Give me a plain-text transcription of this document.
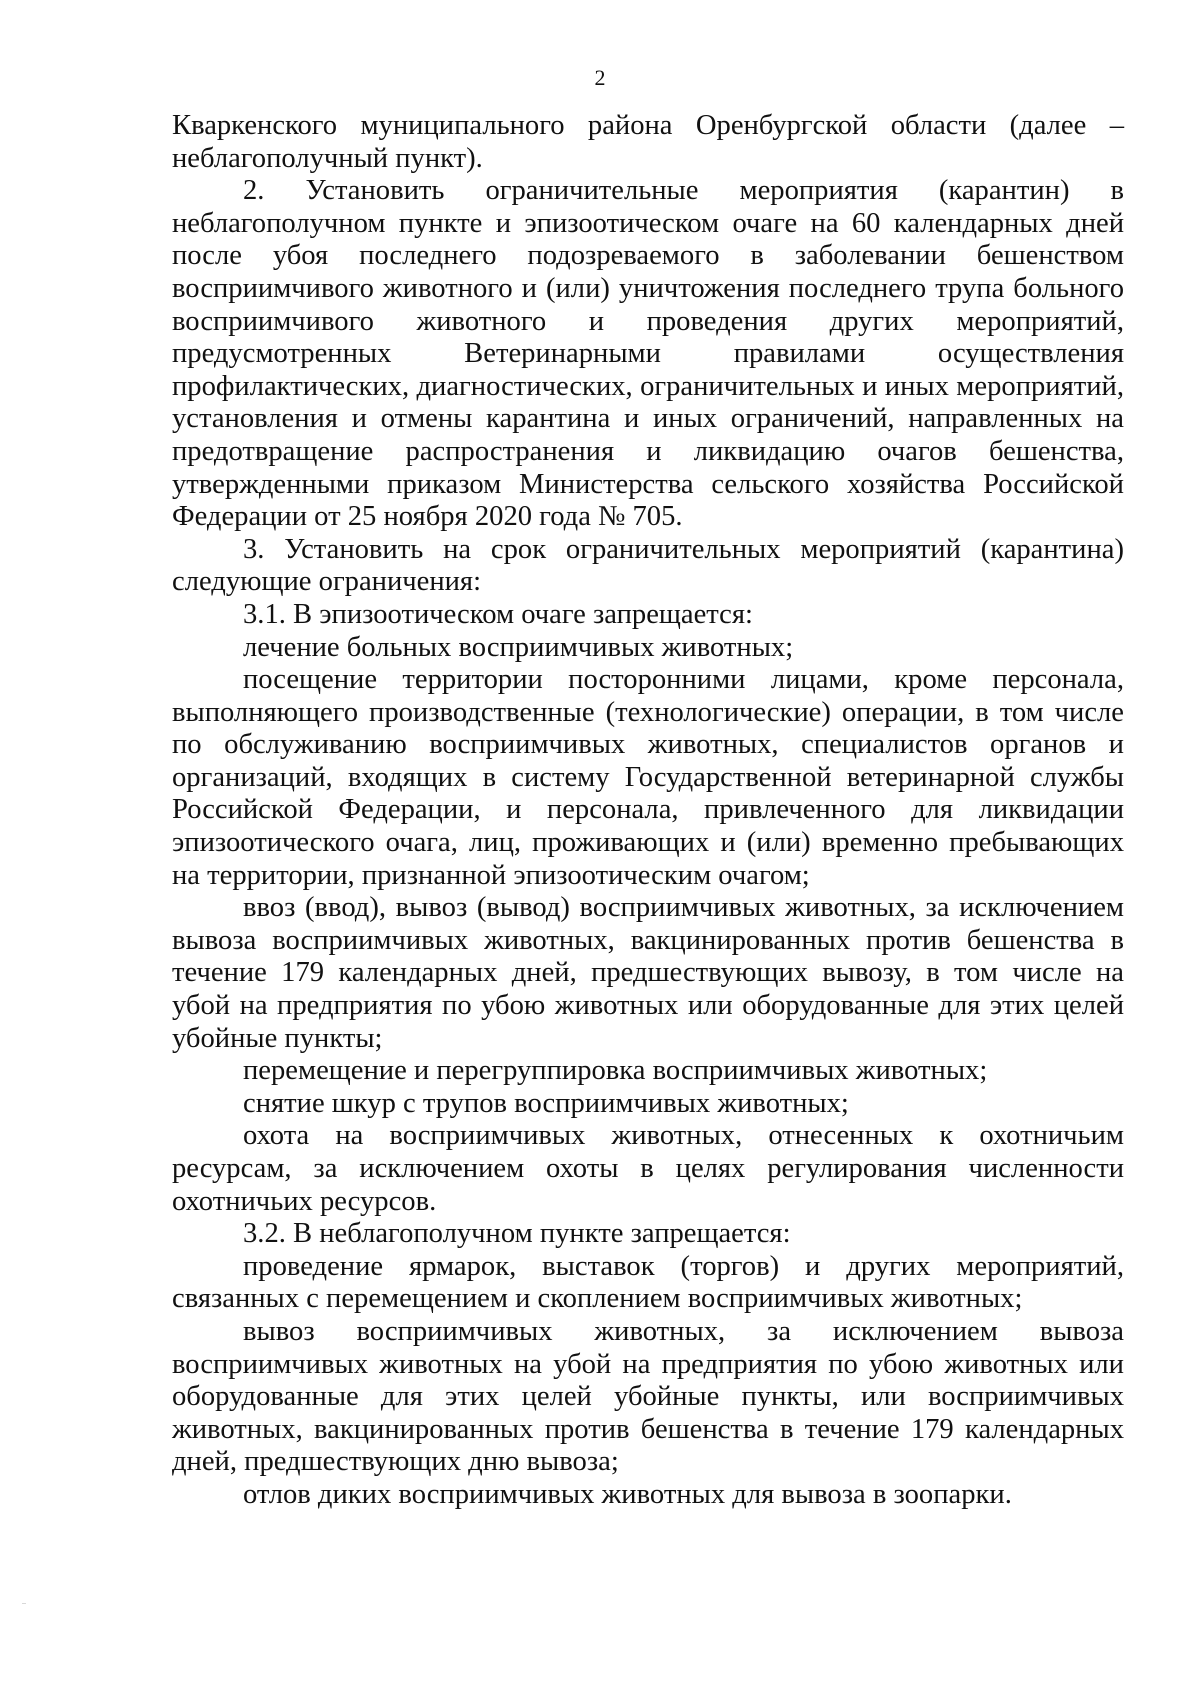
2

Кваркенского муниципального района Оренбургской области (далее – неблагополучный пункт).

2. Установить ограничительные мероприятия (карантин) в неблагополучном пункте и эпизоотическом очаге на 60 календарных дней после убоя последнего подозреваемого в заболевании бешенством восприимчивого животного и (или) уничтожения последнего трупа больного восприимчивого животного и проведения других мероприятий, предусмотренных Ветеринарными правилами осуществления профилактических, диагностических, ограничительных и иных мероприятий, установления и отмены карантина и иных ограничений, направленных на предотвращение распространения и ликвидацию очагов бешенства, утвержденными приказом Министерства сельского хозяйства Российской Федерации от 25 ноября 2020 года № 705.

3. Установить на срок ограничительных мероприятий (карантина) следующие ограничения:

3.1. В эпизоотическом очаге запрещается:

лечение больных восприимчивых животных;

посещение территории посторонними лицами, кроме персонала, выполняющего производственные (технологические) операции, в том числе по обслуживанию восприимчивых животных, специалистов органов и организаций, входящих в систему Государственной ветеринарной службы Российской Федерации, и персонала, привлеченного для ликвидации эпизоотического очага, лиц, проживающих и (или) временно пребывающих на территории, признанной эпизоотическим очагом;

ввоз (ввод), вывоз (вывод) восприимчивых животных, за исключением вывоза восприимчивых животных, вакцинированных против бешенства в течение 179 календарных дней, предшествующих вывозу, в том числе на убой на предприятия по убою животных или оборудованные для этих целей убойные пункты;

перемещение и перегруппировка восприимчивых животных;

снятие шкур с трупов восприимчивых животных;

охота на восприимчивых животных, отнесенных к охотничьим ресурсам, за исключением охоты в целях регулирования численности охотничьих ресурсов.

3.2. В неблагополучном пункте запрещается:

проведение ярмарок, выставок (торгов) и других мероприятий, связанных с перемещением и скоплением восприимчивых животных;

вывоз восприимчивых животных, за исключением вывоза восприимчивых животных на убой на предприятия по убою животных или оборудованные для этих целей убойные пункты, или восприимчивых животных, вакцинированных против бешенства в течение 179 календарных дней, предшествующих дню вывоза;

отлов диких восприимчивых животных для вывоза в зоопарки.
